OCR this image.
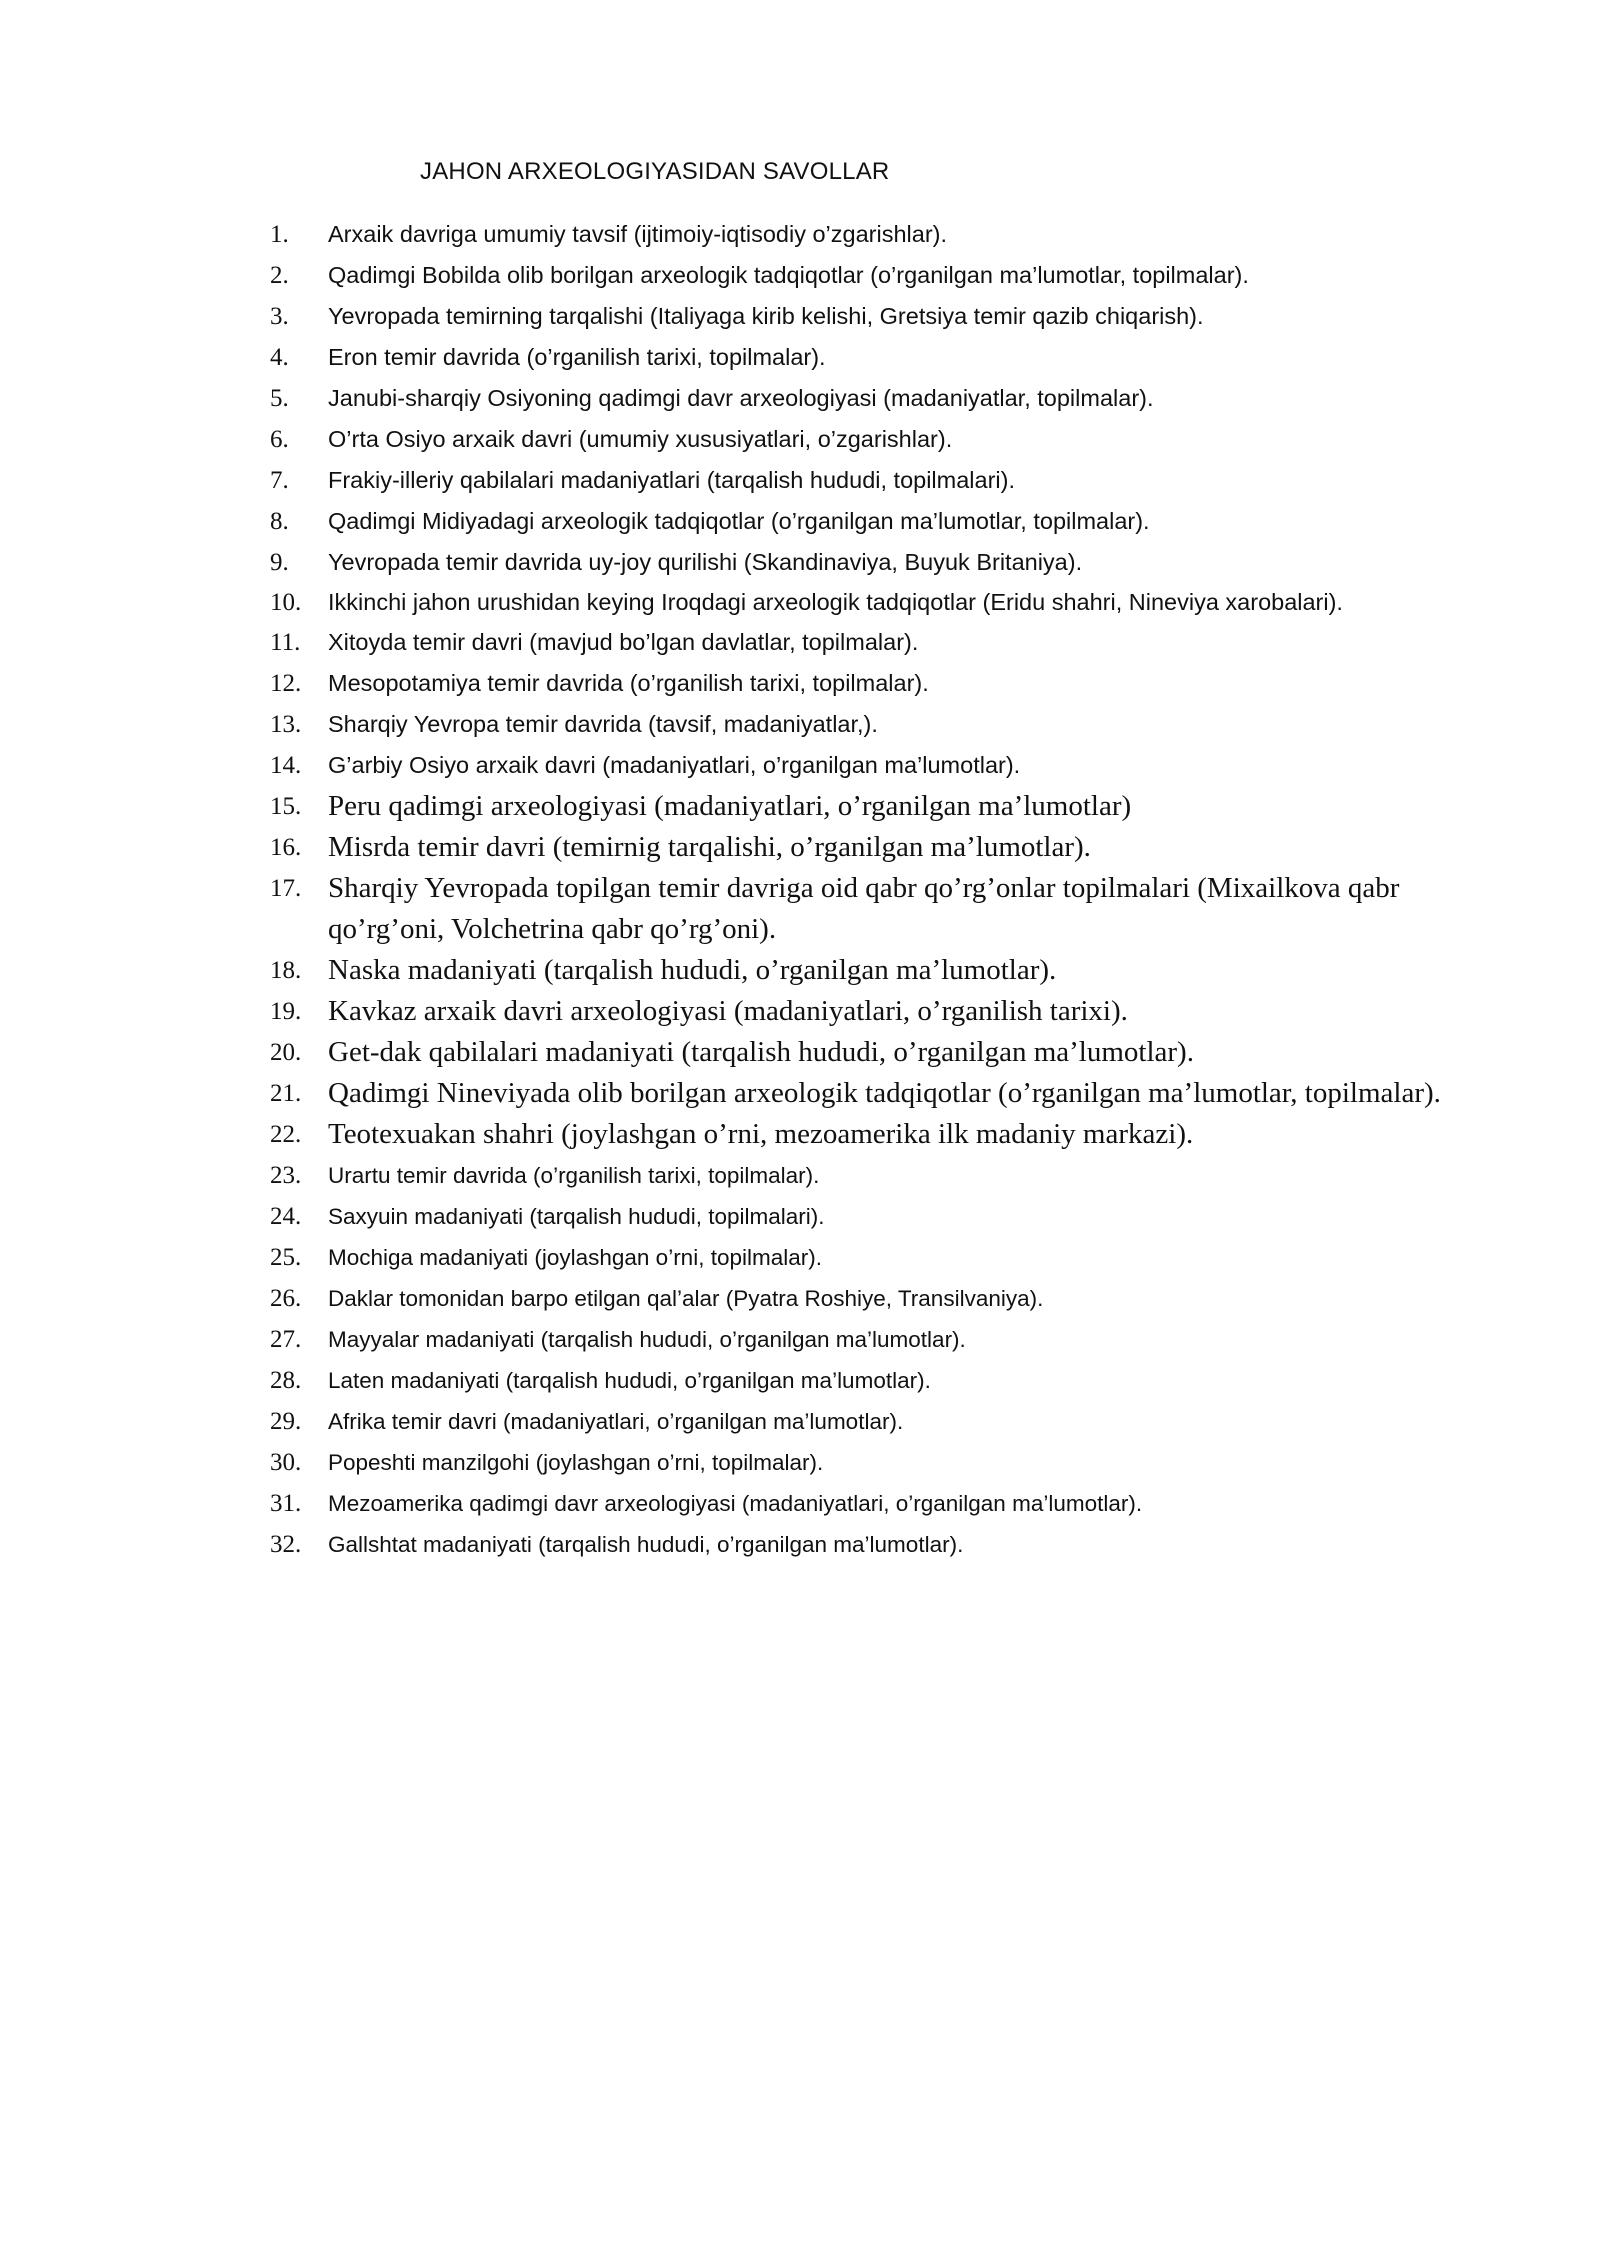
JAHON ARXEOLOGIYASIDAN SAVOLLAR
1.	Arxaik davriga umumiy tavsif (ijtimoiy-iqtisodiy o’zgarishlar).
2.	Qadimgi Bobilda olib borilgan arxeologik tadqiqotlar (o’rganilgan ma’lumotlar, topilmalar).
3.	Yevropada temirning tarqalishi (Italiyaga kirib kelishi, Gretsiya temir qazib chiqarish).
4.	Eron temir davrida (o’rganilish tarixi, topilmalar).
5.	Janubi-sharqiy Osiyoning qadimgi davr arxeologiyasi (madaniyatlar, topilmalar).
6.	O’rta Osiyo arxaik davri (umumiy xususiyatlari, o’zgarishlar).
7.	Frakiy-illeriy qabilalari madaniyatlari (tarqalish hududi, topilmalari).
8.	Qadimgi Midiyadagi arxeologik tadqiqotlar (o’rganilgan ma’lumotlar, topilmalar).
9.	Yevropada temir davrida uy-joy qurilishi (Skandinaviya, Buyuk Britaniya).
10.	Ikkinchi jahon urushidan keying Iroqdagi arxeologik tadqiqotlar (Eridu shahri, Nineviya xarobalari).
11.	Xitoyda temir davri (mavjud bo’lgan davlatlar, topilmalar).
12.	Mesopotamiya temir davrida (o’rganilish tarixi, topilmalar).
13.	Sharqiy Yevropa temir davrida (tavsif, madaniyatlar,).
14.	G’arbiy Osiyo arxaik davri (madaniyatlari, o’rganilgan ma’lumotlar).
15. Peru qadimgi arxeologiyasi (madaniyatlari, o’rganilgan ma’lumotlar)
16. Misrda temir davri (temirnig tarqalishi, o’rganilgan ma’lumotlar).
17. Sharqiy Yevropada topilgan temir davriga oid qabr qo’rg’onlar topilmalari (Mixailkova qabr qo’rg’oni, Volchetrina qabr qo’rg’oni).
18. Naska madaniyati (tarqalish hududi, o’rganilgan ma’lumotlar).
19. Kavkaz arxaik davri arxeologiyasi (madaniyatlari, o’rganilish tarixi).
20. Get-dak qabilalari madaniyati (tarqalish hududi, o’rganilgan ma’lumotlar).
21. Qadimgi Nineviyada olib borilgan arxeologik tadqiqotlar (o’rganilgan ma’lumotlar, topilmalar).
22. Teotexuakan shahri (joylashgan o’rni, mezoamerika ilk madaniy markazi).
23.	Urartu temir davrida (o’rganilish tarixi, topilmalar).
24.	Saxyuin madaniyati (tarqalish hududi, topilmalari).
25.	Mochiga madaniyati (joylashgan o’rni, topilmalar).
26.	Daklar tomonidan barpo etilgan qal’alar (Pyatra Roshiye, Transilvaniya).
27.	Mayyalar madaniyati (tarqalish hududi, o’rganilgan ma’lumotlar).
28.	Laten madaniyati (tarqalish hududi, o’rganilgan ma’lumotlar).
29.	Afrika temir davri (madaniyatlari, o’rganilgan ma’lumotlar).
30.	Popeshti manzilgohi (joylashgan o’rni, topilmalar).
31.	Mezoamerika qadimgi davr arxeologiyasi (madaniyatlari, o’rganilgan ma’lumotlar).
32.	Gallshtat madaniyati (tarqalish hududi, o’rganilgan ma’lumotlar).
